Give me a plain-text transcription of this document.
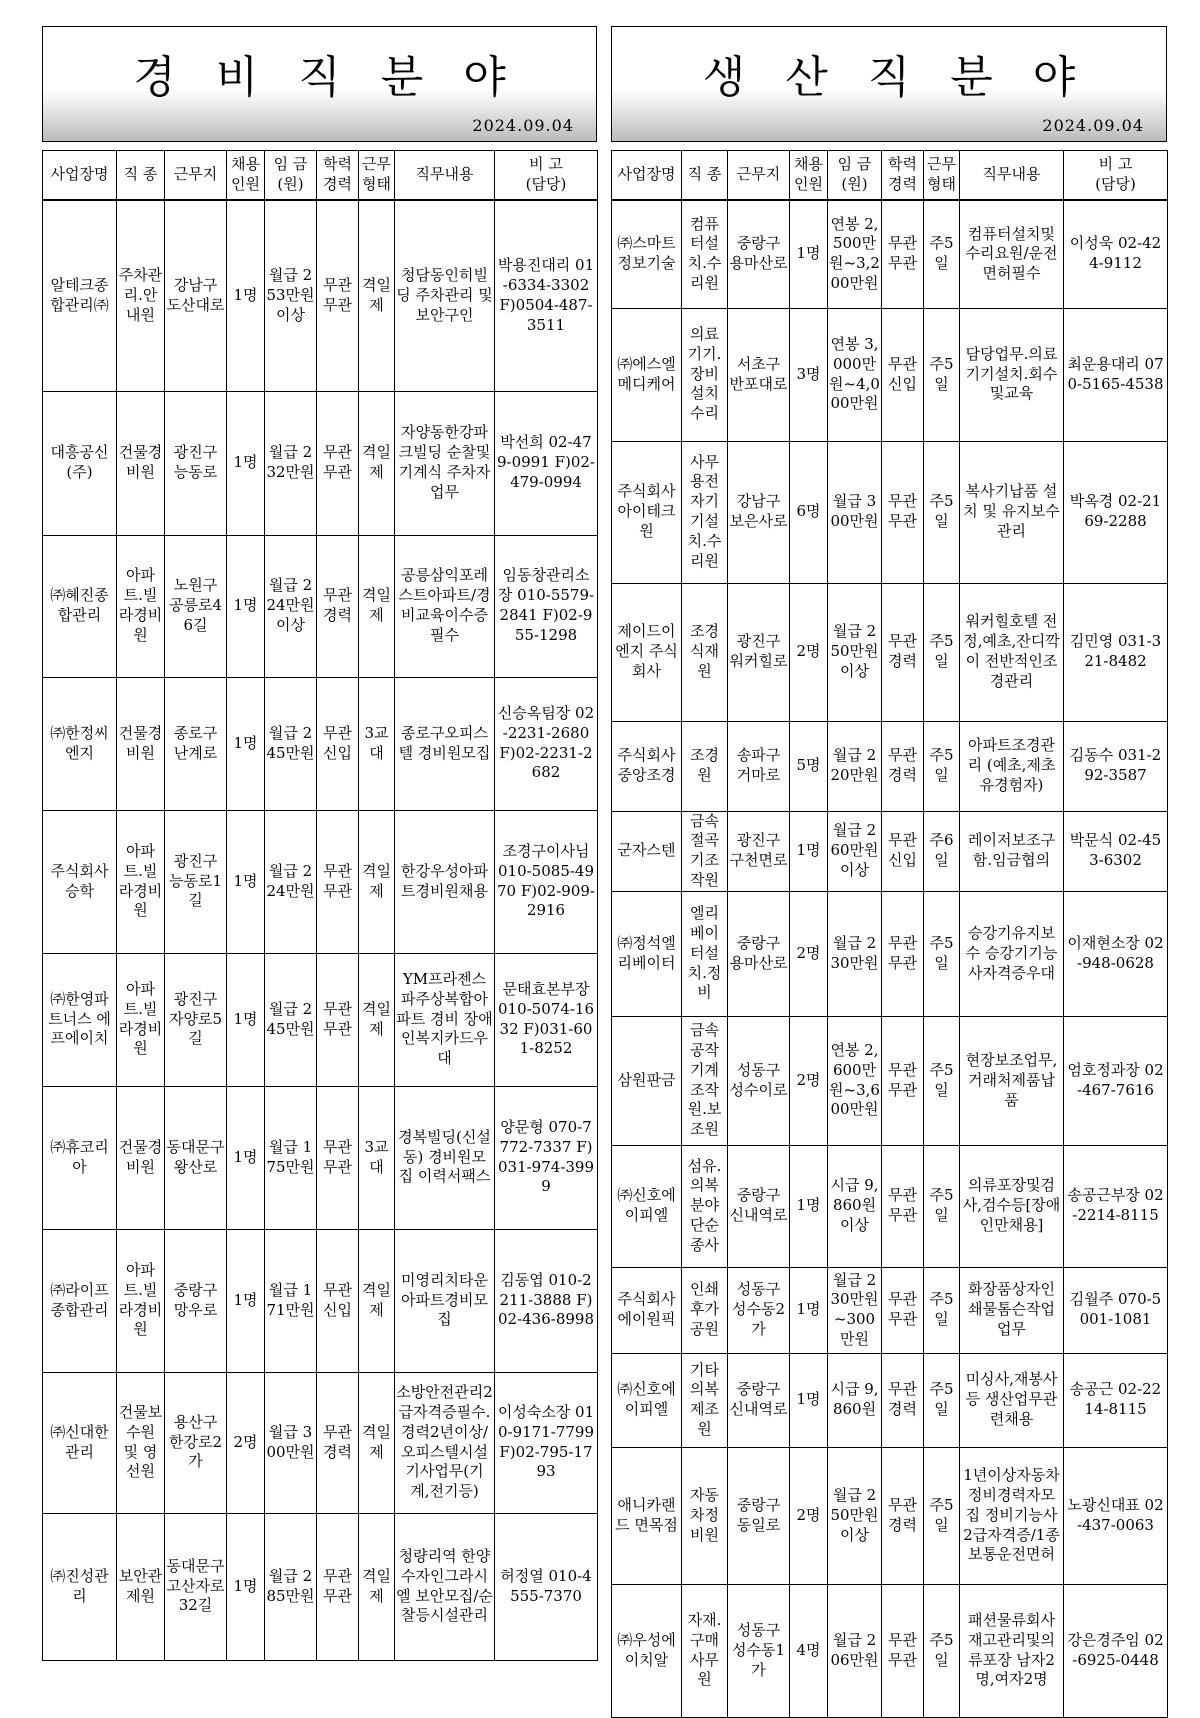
경비직분야
2024.09.04
사업장명	직 종	근무지	채용
인원	임 금
(원)	학력
경력	근무
형태	직무내용	비 고
(담당)

알테크종합관리㈜	주차관리.안내원	강남구 도산대로	1명	월급 253만원이상	무관 무관	격일제	청담동인히빌딩 주차관리 및 보안구인	박용진대리 01-6334-3302 F)0504-487-3511
대흥공신(주)	건물경비원	광진구 능동로	1명	월급 232만원	무관 무관	격일제	자양동한강파크빌딩 순찰및기계식 주차자업무	박선희 02-479-0991 F)02-479-0994
㈜혜진종합관리	아파트.빌라경비원	노원구 공릉로46길	1명	월급 224만원이상	무관 경력	격일제	공릉삼익포레스트아파트/경비교육이수증 필수	임동창관리소장 010-5579-2841 F)02-955-1298
㈜한정씨엔지	건물경비원	종로구 난계로	1명	월급 245만원	무관 신입	3교대	종로구오피스텔 경비원모집	신승옥팀장 02-2231-2680 F)02-2231-2682
주식회사 승학	아파트.빌라경비원	광진구 능동로1길	1명	월급 224만원	무관 무관	격일제	한강우성아파트경비원채용	조경구이사님 010-5085-4970 F)02-909-2916
㈜한영파트너스 에프에이치	아파트.빌라경비원	광진구 자양로5길	1명	월급 245만원	무관 무관	격일제	YM프라젠스파주상복합아파트 경비 장애인복지카드우대	문태효본부장 010-5074-1632 F)031-601-8252
㈜휴코리아	건물경비원	동대문구 왕산로	1명	월급 175만원	무관 무관	3교대	경복빌딩(신설동) 경비원모집 이력서팩스	양문형 070-7772-7337 F)031-974-3999
㈜라이프종합관리	아파트.빌라경비원	중랑구 망우로	1명	월급 171만원	무관 신입	격일제	미영리치타운아파트경비모집	김동엽 010-2211-3888 F)02-436-8998
㈜신대한관리	건물보수원 및 영선원	용산구 한강로2가	2명	월급 300만원	무관 경력	격일제	소방안전관리2급자격증필수.경력2년이상/오피스텔시설기사업무(기계,전기등)	이성숙소장 010-9171-7799 F)02-795-1793
㈜진성관리	보안관제원	동대문구 고산자로32길	1명	월급 285만원	무관 무관	격일제	청량리역 한양수자인그라시엘 보안모집/순찰등시설관리	허정열 010-4555-7370
생산직분야
2024.09.04
사업장명	직 종	근무지	채용
인원	임 금
(원)	학력
경력	근무
형태	직무내용	비 고
(담당)

㈜스마트정보기술	컴퓨터설치.수리원	중랑구 용마산로	1명	연봉 2,500만원~3,200만원	무관 무관	주5일	컴퓨터설치및수리요원/운전면허필수	이성욱 02-424-9112
㈜에스엘메디케어	의료기기.장비설치수리	서초구 반포대로	3명	연봉 3,000만원~4,000만원	무관 신입	주5일	담당업무.의료기기설치.회수및교육	최운용대리 070-5165-4538
주식회사 아이테크원	사무용전자기기설치.수리원	강남구 보은사로	6명	월급 300만원	무관 무관	주5일	복사기납품 설치 및 유지보수관리	박옥경 02-2169-2288
제이드이엔지 주식회사	조경식재원	광진구 워커힐로	2명	월급 250만원이상	무관 경력	주5일	워커힐호텔 전정,예초,잔디깍이 전반적인조경관리	김민영 031-321-8482
주식회사 중앙조경	조경원	송파구 거마로	5명	월급 220만원	무관 경력	주5일	아파트조경관리 (예초,제초유경험자)	김동수 031-292-3587
군자스텐	금속절곡기조작원	광진구 구천면로	1명	월급 260만원이상	무관 신입	주6일	레이저보조구함.임금협의	박문식 02-453-6302
㈜정석엘리베이터	엘리베이터설치.정비	중랑구 용마산로	2명	월급 230만원	무관 무관	주5일	승강기유지보수 승강기기능사자격증우대	이재현소장 02-948-0628
삼원판금	금속공작기계조작원.보조원	성동구 성수이로	2명	연봉 2,600만원~3,600만원	무관 무관	주5일	현장보조업무,거래처제품납품	엄호정과장 02-467-7616
㈜신호에이피엘	섬유.의복분야단순종사	중랑구 신내역로	1명	시급 9,860원이상	무관 무관	주5일	의류포장및검사,검수등[장애인만채용]	송공근부장 02-2214-8115
주식회사 에이원픽	인쇄후가공원	성동구 성수동2가	1명	월급 230만원~300만원	무관 무관	주5일	화장품상자인쇄물톰슨작업업무	김월주 070-5001-1081
㈜신호에이피엘	기타의복제조원	중랑구 신내역로	1명	시급 9,860원	무관 경력	주5일	미싱사,재봉사등 생산업무관련채용	송공근 02-2214-8115
애니카랜드 면목점	자동차정비원	중랑구 동일로	2명	월급 250만원이상	무관 경력	주5일	1년이상자동차정비경력자모집 정비기능사2급자격증/1종보통운전면허	노광신대표 02-437-0063
㈜우성에이치알	자재.구매사무원	성동구 성수동1가	4명	월급 206만원	무관 무관	주5일	패션물류회사 재고관리및의류포장 남자2명,여자2명	강은경주임 02-6925-0448
